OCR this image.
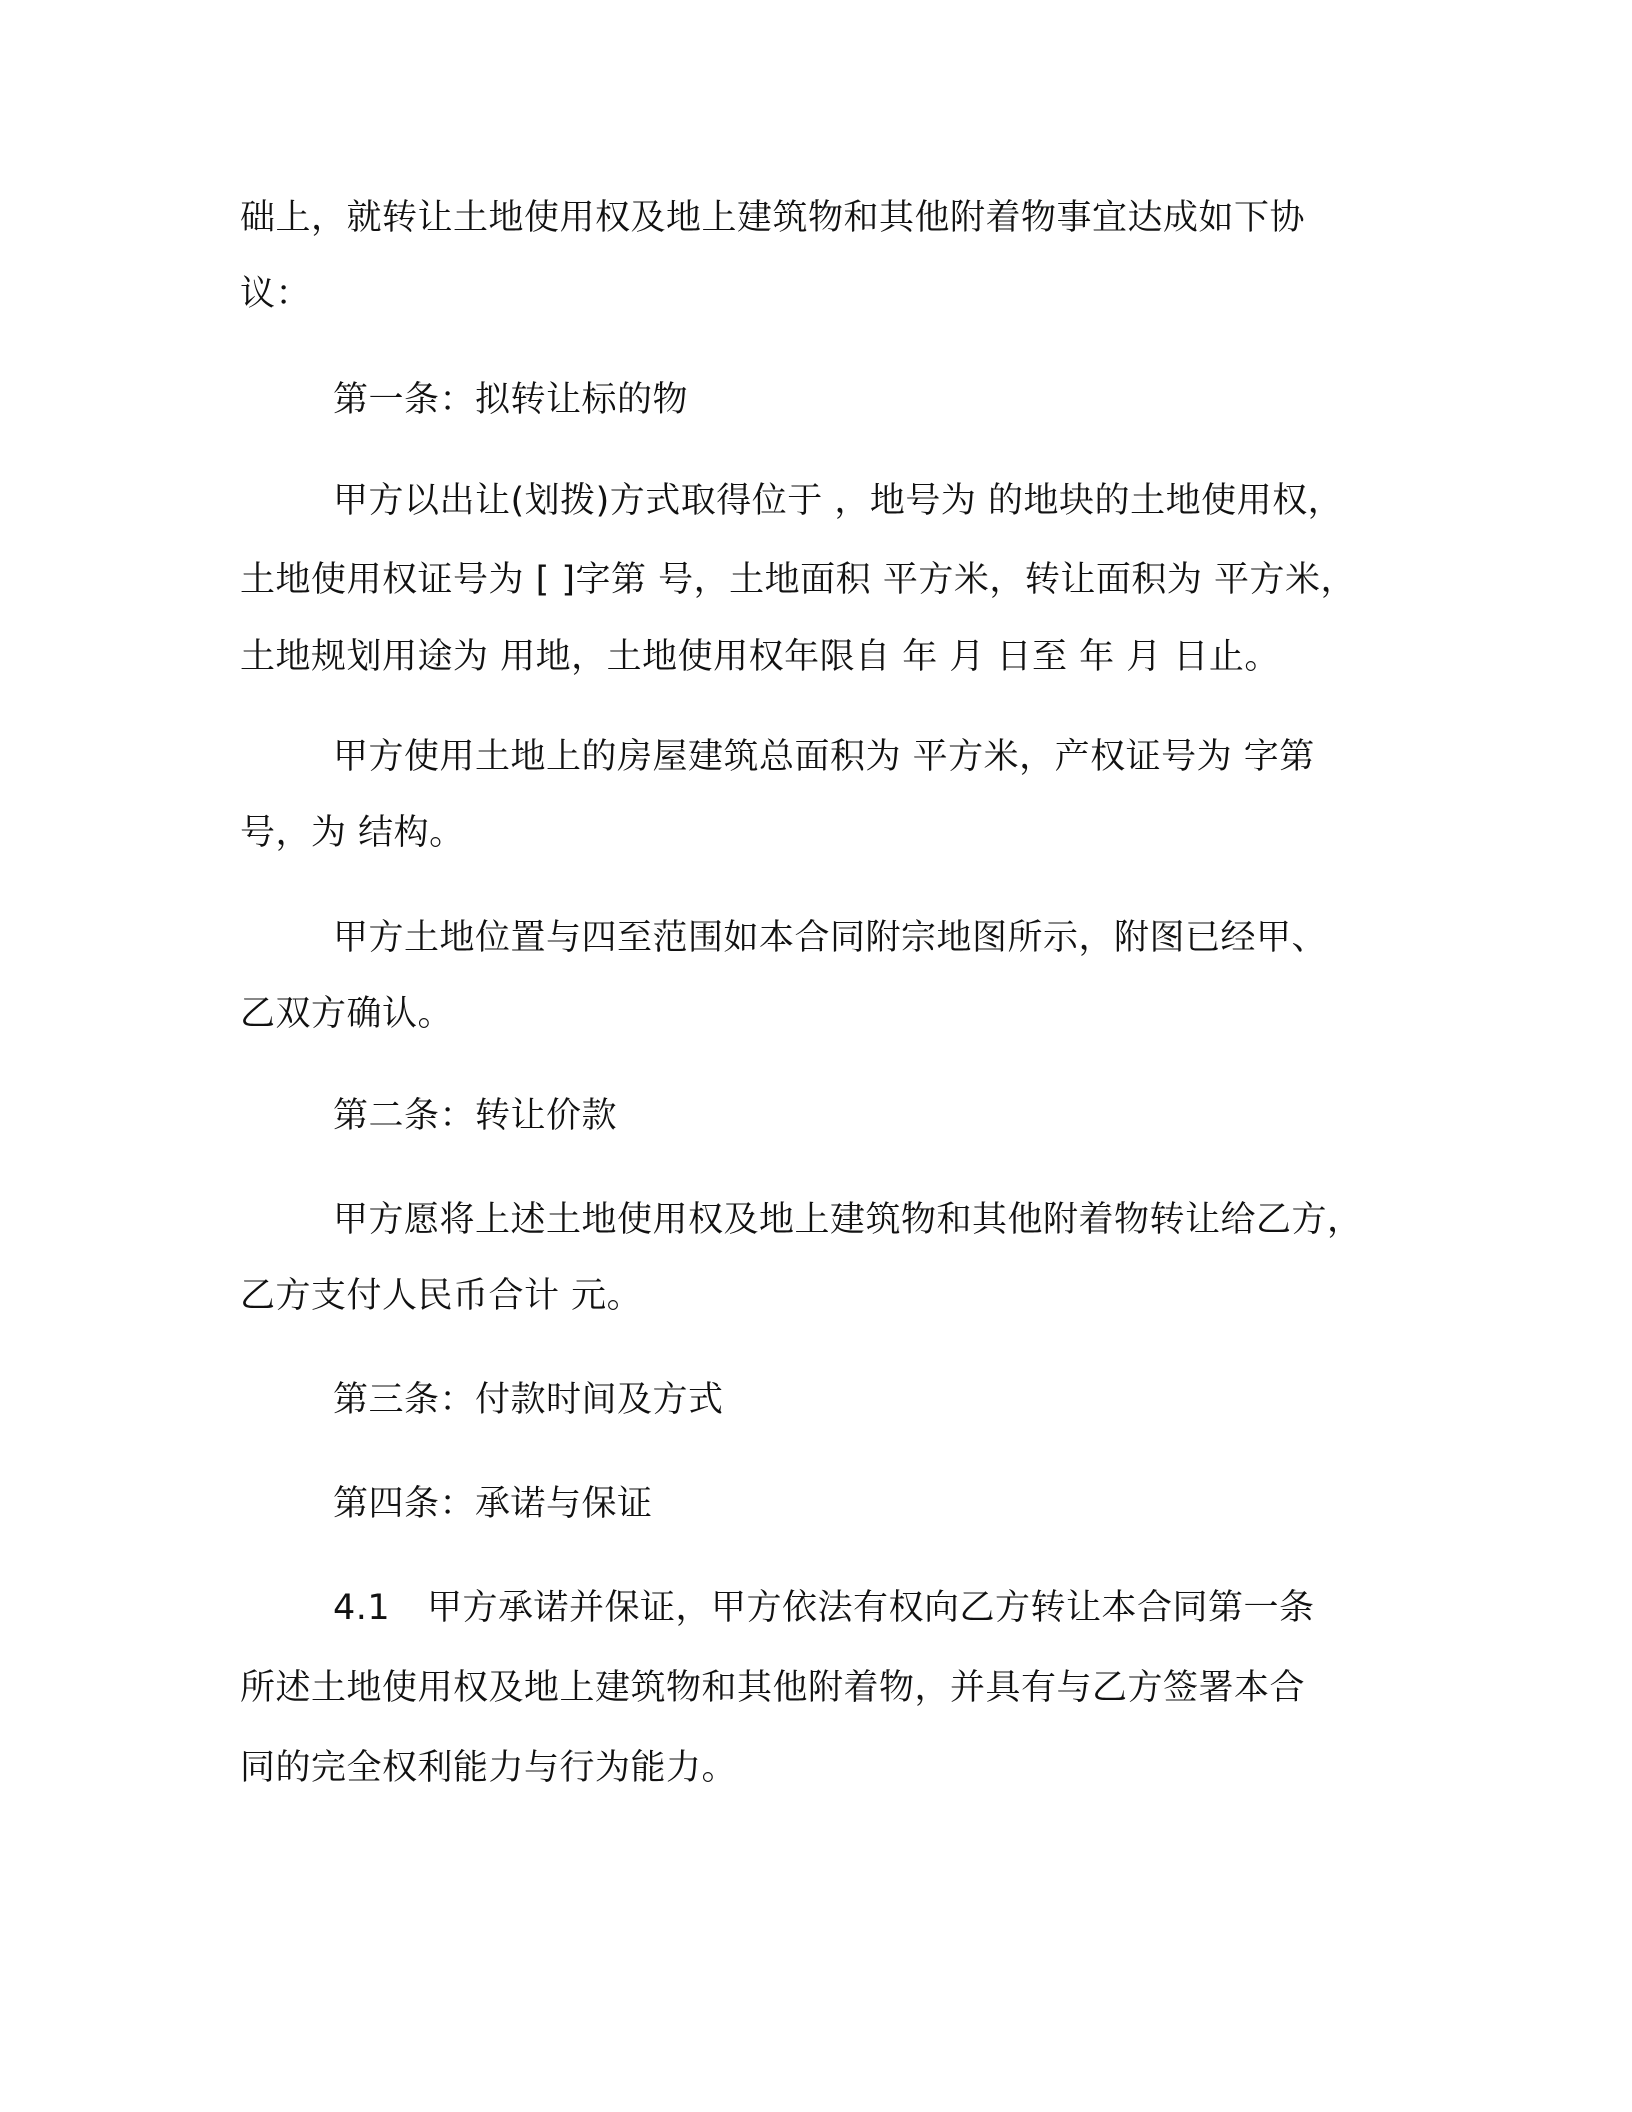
础上，就转让土地使用权及地上建筑物和其他附着物事宜达成如下协
议：
第一条：拟转让标的物
甲方以出让(划拨)方式取得位于 ，地号为 的地块的土地使用权，
土地使用权证号为 [ ]字第 号，土地面积 平方米，转让面积为 平方米，
土地规划用途为 用地，土地使用权年限自 年 月 日至 年 月 日止。
甲方使用土地上的房屋建筑总面积为 平方米，产权证号为 字第
号，为 结构。
甲方土地位置与四至范围如本合同附宗地图所示，附图已经甲、
乙双方确认。
第二条：转让价款
甲方愿将上述土地使用权及地上建筑物和其他附着物转让给乙方，
乙方支付人民币合计 元。
第三条：付款时间及方式
第四条：承诺与保证
4.1 甲方承诺并保证，甲方依法有权向乙方转让本合同第一条
所述土地使用权及地上建筑物和其他附着物，并具有与乙方签署本合
同的完全权利能力与行为能力。
